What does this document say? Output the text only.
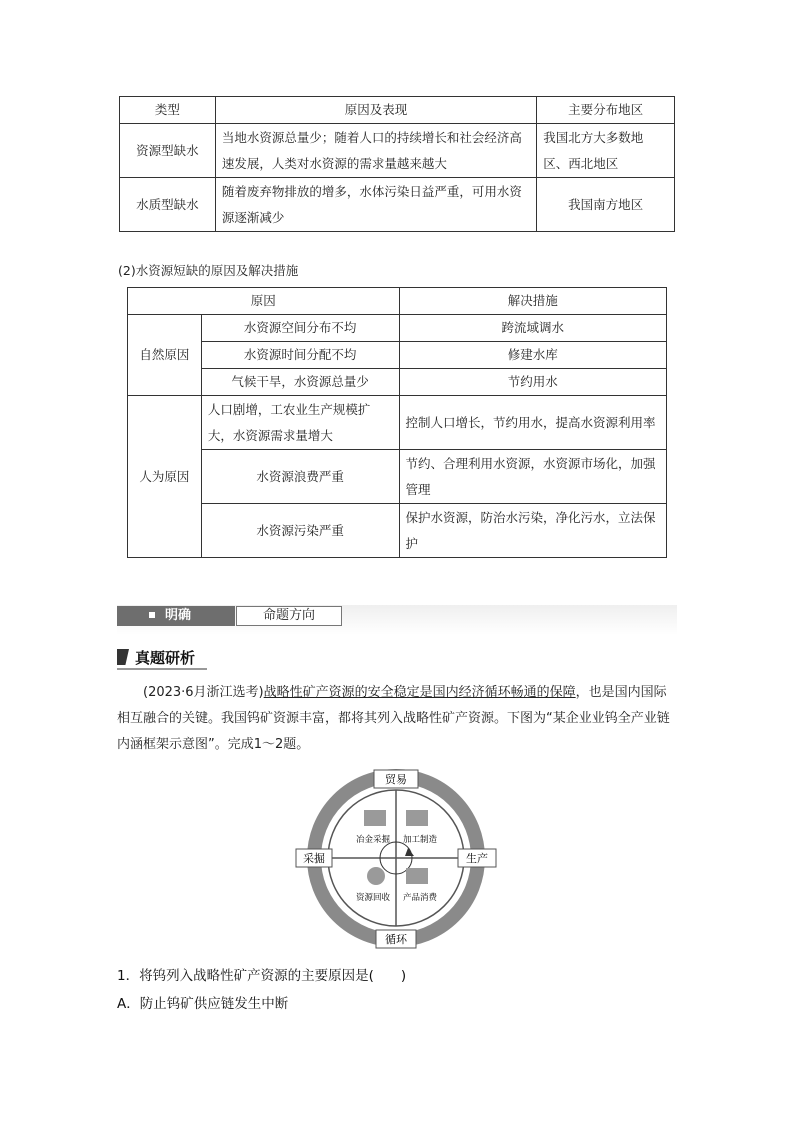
类型	原因及表现	主要分布地区
资源型缺水	当地水资源总量少；随着人口的持续增长和社会经济高速发展，人类对水资源的需求量越来越大	我国北方大多数地区、西北地区
水质型缺水	随着废弃物排放的增多，水体污染日益严重，可用水资源逐渐减少	我国南方地区
(2)水资源短缺的原因及解决措施
原因		解决措施
自然原因	水资源空间分布不均	跨流域调水
	水资源时间分配不均	修建水库
	气候干旱，水资源总量少	节约用水
人为原因	人口剧增，工农业生产规模扩大，水资源需求量增大	控制人口增长，节约用水，提高水资源利用率
	水资源浪费严重	节约、合理利用水资源，水资源市场化，加强管理
	水资源污染严重	保护水资源，防治水污染，净化污水，立法保护
明确	命题方向
真题研析
(2023·6月浙江选考)战略性矿产资源的安全稳定是国内经济循环畅通的保障，也是国内国际相互融合的关键。我国钨矿资源丰富，都将其列入战略性矿产资源。下图为“某企业业钨全产业链内涵框架示意图”。完成1～2题。
冶金采掘 加工制造
资源回收 产品消费
贸易
采掘	生产
循环
1．将钨列入战略性矿产资源的主要原因是(　　)
A．防止钨矿供应链发生中断
